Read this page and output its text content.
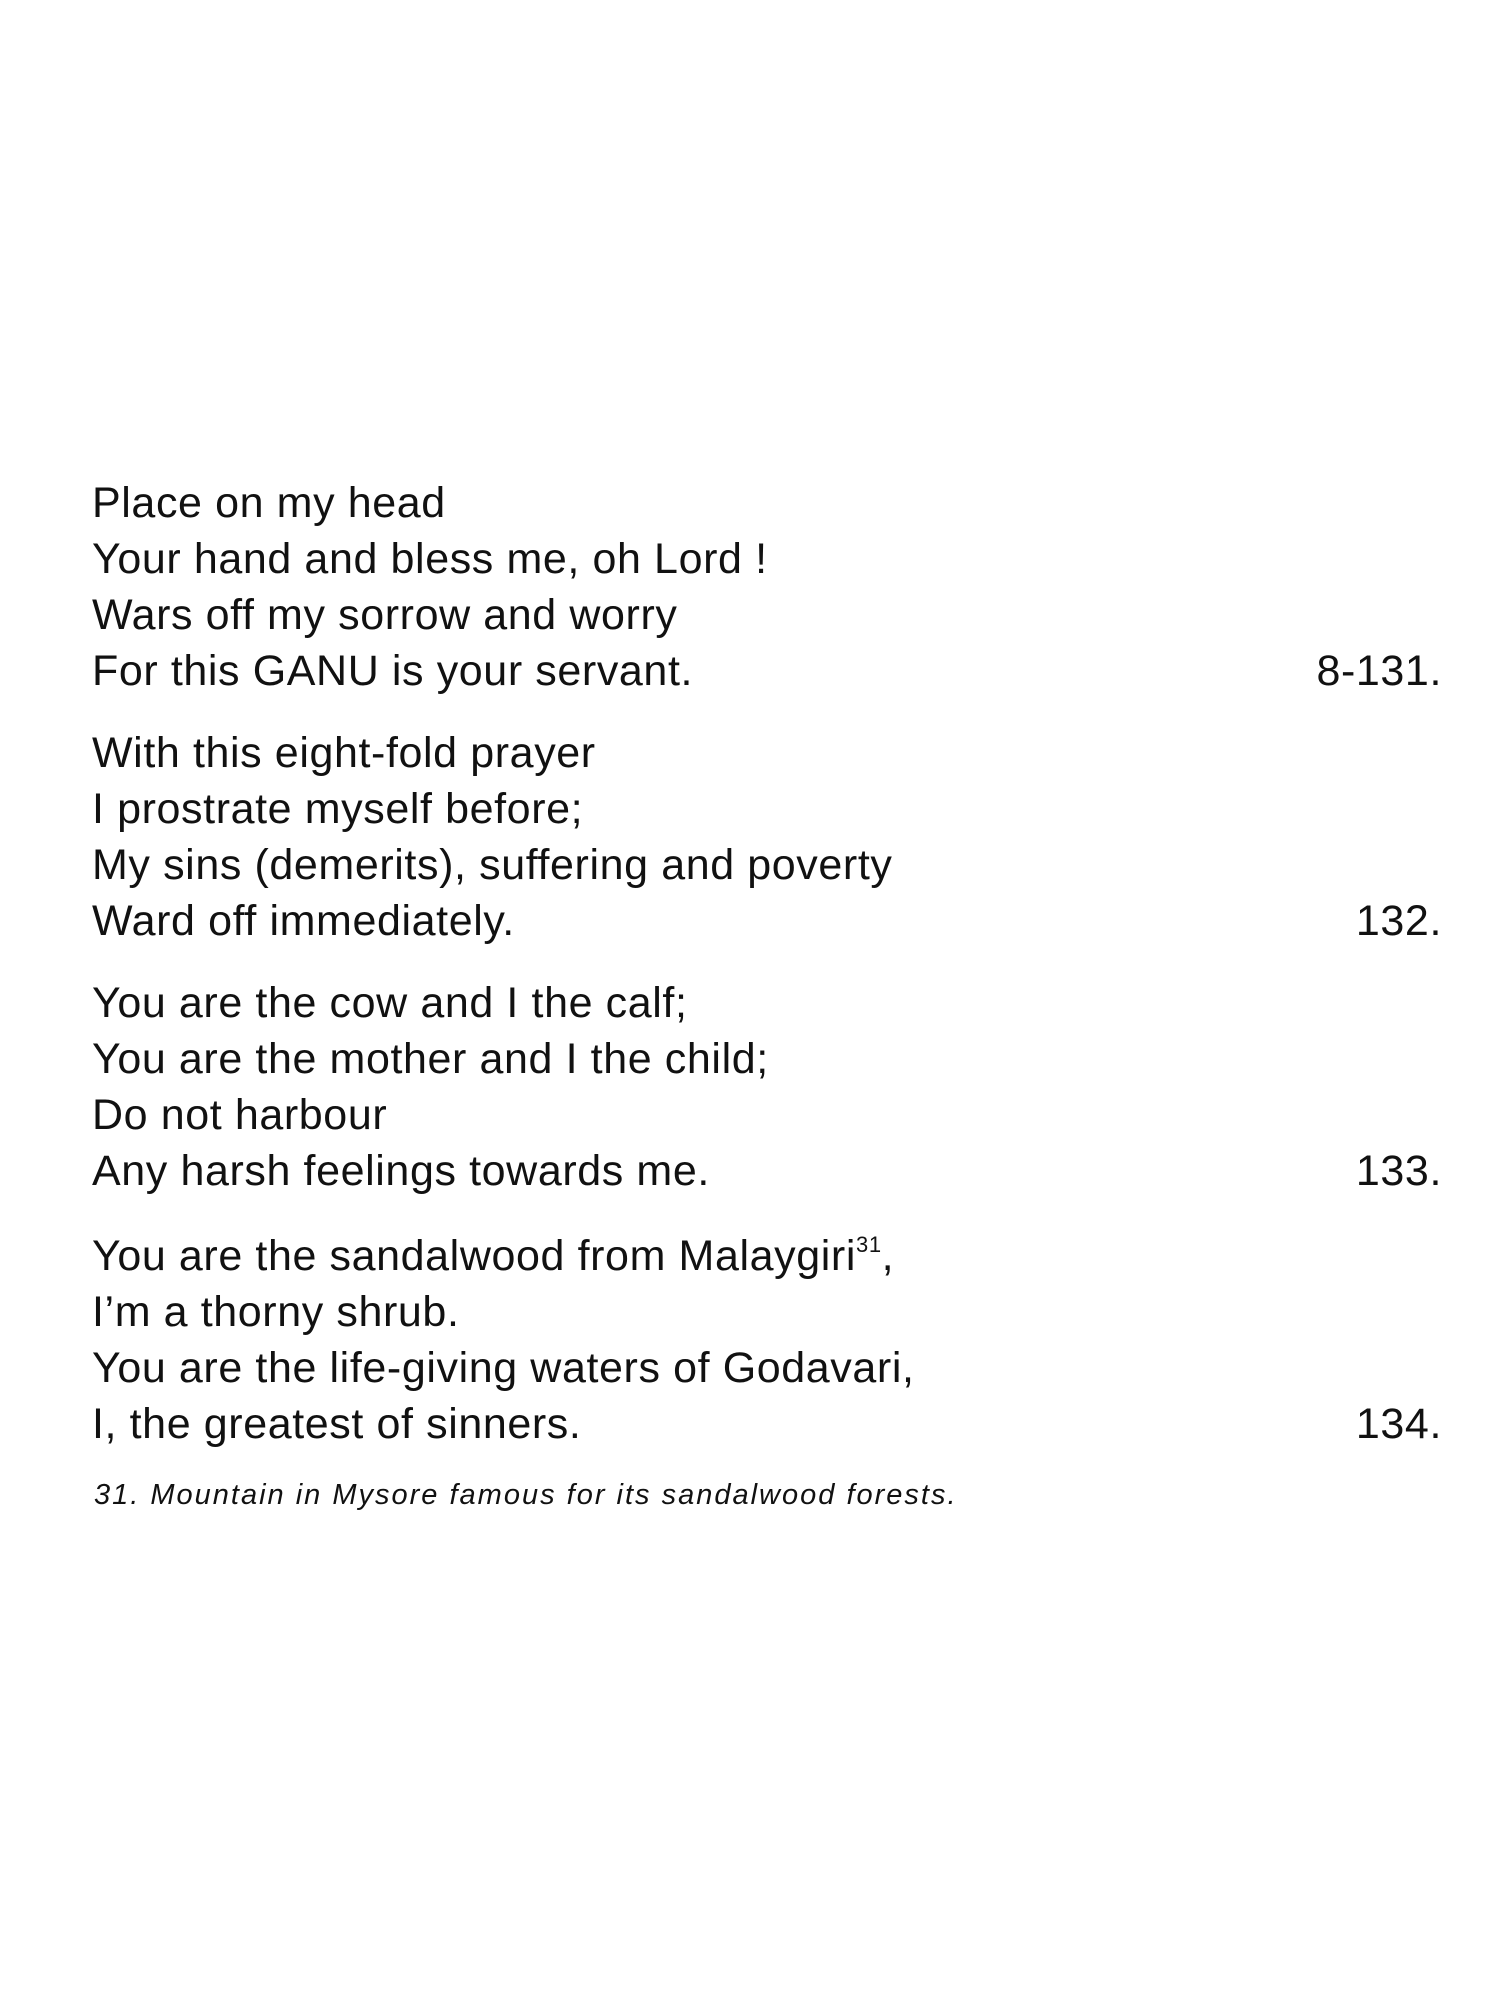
Place on my head
Your hand and bless me, oh Lord !
Wars off my sorrow and worry
For this GANU is your servant.	8-131.
With this eight-fold prayer
I prostrate myself before;
My sins (demerits), suffering and poverty
Ward off immediately.	132.
You are the cow and I the calf;
You are the mother and I the child;
Do not harbour
Any harsh feelings towards me.	133.
You are the sandalwood from Malaygiri$^{31}$,
I’m a thorny shrub.
You are the life-giving waters of Godavari,
I, the greatest of sinners.	134.
31. Mountain in Mysore famous for its sandalwood forests.
